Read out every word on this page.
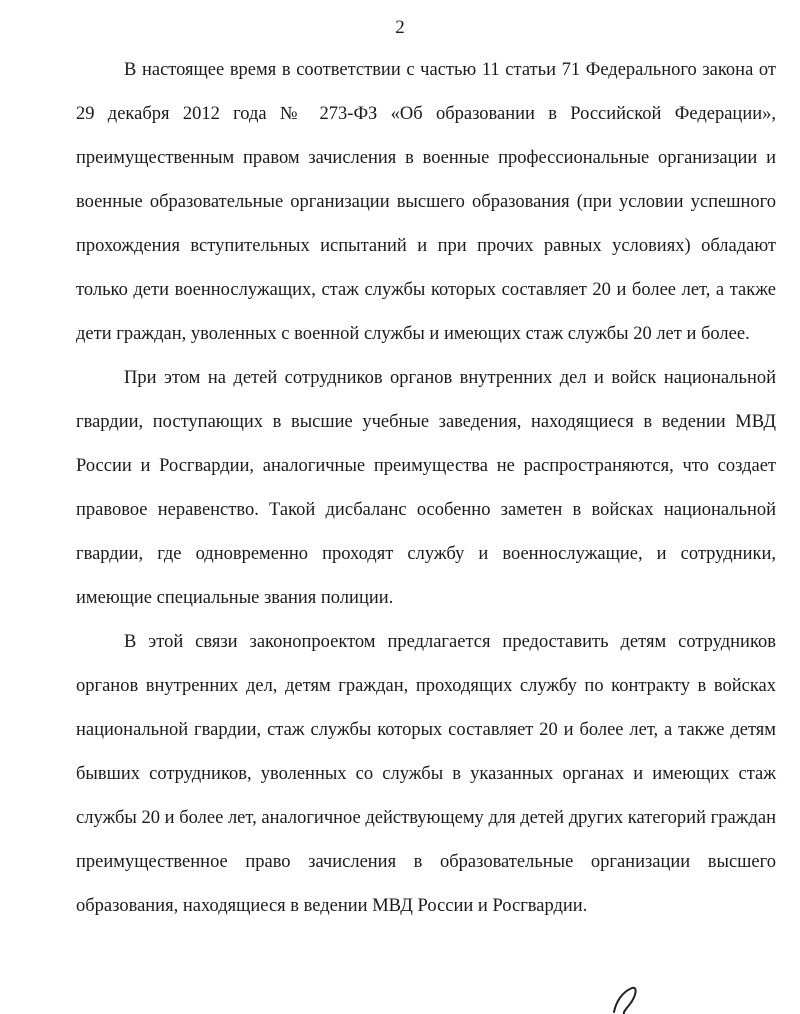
2

В настоящее время в соответствии с частью 11 статьи 71 Федерального закона от 29 декабря 2012 года № 273-ФЗ «Об образовании в Российской Федерации», преимущественным правом зачисления в военные профессиональные организации и военные образовательные организации высшего образования (при условии успешного прохождения вступительных испытаний и при прочих равных условиях) обладают только дети военнослужащих, стаж службы которых составляет 20 и более лет, а также дети граждан, уволенных с военной службы и имеющих стаж службы 20 лет и более.

При этом на детей сотрудников органов внутренних дел и войск национальной гвардии, поступающих в высшие учебные заведения, находящиеся в ведении МВД России и Росгвардии, аналогичные преимущества не распространяются, что создает правовое неравенство. Такой дисбаланс особенно заметен в войсках национальной гвардии, где одновременно проходят службу и военнослужащие, и сотрудники, имеющие специальные звания полиции.

В этой связи законопроектом предлагается предоставить детям сотрудников органов внутренних дел, детям граждан, проходящих службу по контракту в войсках национальной гвардии, стаж службы которых составляет 20 и более лет, а также детям бывших сотрудников, уволенных со службы в указанных органах и имеющих стаж службы 20 и более лет, аналогичное действующему для детей других категорий граждан преимущественное право зачисления в образовательные организации высшего образования, находящиеся в ведении МВД России и Росгвардии.
